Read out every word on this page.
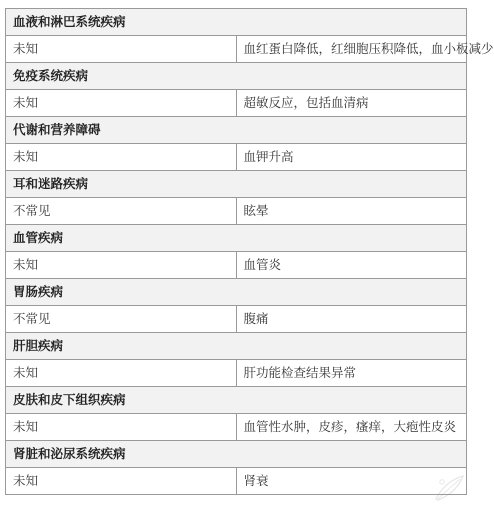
血液和淋巴系统疾病	
未知	血红蛋白降低，红细胞压积降低，血小板减少
免疫系统疾病	
未知	超敏反应，包括血清病
代谢和营养障碍	
未知	血钾升高
耳和迷路疾病	
不常见	眩晕
血管疾病	
未知	血管炎
胃肠疾病	
不常见	腹痛
肝胆疾病	
未知	肝功能检查结果异常
皮肤和皮下组织疾病	
未知	血管性水肿，皮疹，瘙痒，大疱性皮炎
肾脏和泌尿系统疾病	
未知	肾衰
